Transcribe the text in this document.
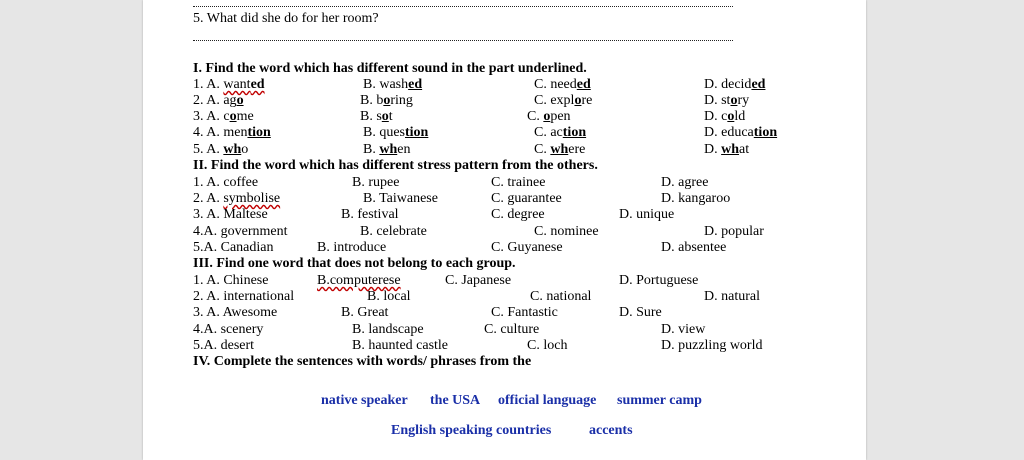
5. What did she do for her room?
I. Find the word which has different sound in the part underlined.
1. A. wanted	B. washed	C. needed	D. decided
2. A. ago	B. boring	C. explore	D. story
3. A. come	B. sot	C. open	D. cold
4. A. mention	B. question	C. action	D. education
5. A. who	B. when	C. where	D. what
II. Find the word which has different stress pattern from the others.
1. A. coffee	B. rupee	C. trainee	D. agree
2. A. symbolise	B. Taiwanese	C. guarantee	D. kangaroo
3. A. Maltese	B. festival	C. degree	D. unique
4.A. government	B. celebrate	C. nominee	D. popular
5.A. Canadian	B. introduce	C. Guyanese	D. absentee
III. Find one word that does not belong to each group.
1. A. Chinese	B.computerese	C. Japanese	D. Portuguese
2. A. international	B. local	C. national	D. natural
3. A. Awesome	B. Great	C. Fantastic	D. Sure
4.A. scenery	B. landscape	C. culture	D. view
5.A. desert	B. haunted castle	C. loch	D. puzzling world
IV. Complete the sentences with words/ phrases from the
native speaker the USA official language summer camp
English speaking countries	accents
